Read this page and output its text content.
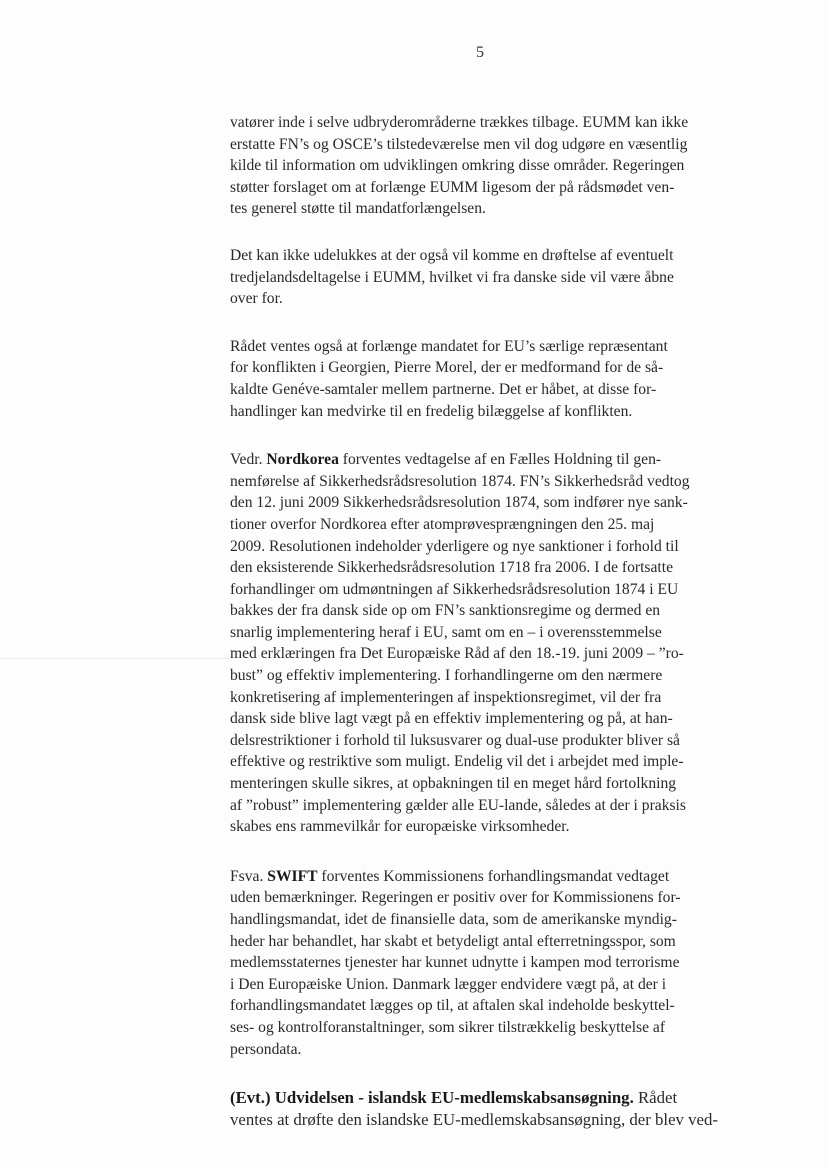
5

vatører inde i selve udbryderområderne trækkes tilbage. EUMM kan ikke
erstatte FN’s og OSCE’s tilstedeværelse men vil dog udgøre en væsentlig
kilde til information om udviklingen omkring disse områder. Regeringen
støtter forslaget om at forlænge EUMM ligesom der på rådsmødet ven-
tes generel støtte til mandatforlængelsen.

Det kan ikke udelukkes at der også vil komme en drøftelse af eventuelt
tredjelandsdeltagelse i EUMM, hvilket vi fra danske side vil være åbne
over for.

Rådet ventes også at forlænge mandatet for EU’s særlige repræsentant
for konflikten i Georgien, Pierre Morel, der er medformand for de så-
kaldte Genéve-samtaler mellem partnerne. Det er håbet, at disse for-
handlinger kan medvirke til en fredelig bilæggelse af konflikten.

Vedr. Nordkorea forventes vedtagelse af en Fælles Holdning til gen-
nemførelse af Sikkerhedsrådsresolution 1874. FN’s Sikkerhedsråd vedtog
den 12. juni 2009 Sikkerhedsrådsresolution 1874, som indfører nye sank-
tioner overfor Nordkorea efter atomprøvesprængningen den 25. maj
2009. Resolutionen indeholder yderligere og nye sanktioner i forhold til
den eksisterende Sikkerhedsrådsresolution 1718 fra 2006. I de fortsatte
forhandlinger om udmøntningen af Sikkerhedsrådsresolution 1874 i EU
bakkes der fra dansk side op om FN’s sanktionsregime og dermed en
snarlig implementering heraf i EU, samt om en – i overensstemmelse
med erklæringen fra Det Europæiske Råd af den 18.-19. juni 2009 – ”ro-
bust” og effektiv implementering. I forhandlingerne om den nærmere
konkretisering af implementeringen af inspektionsregimet, vil der fra
dansk side blive lagt vægt på en effektiv implementering og på, at han-
delsrestriktioner i forhold til luksusvarer og dual-use produkter bliver så
effektive og restriktive som muligt. Endelig vil det i arbejdet med imple-
menteringen skulle sikres, at opbakningen til en meget hård fortolkning
af ”robust” implementering gælder alle EU-lande, således at der i praksis
skabes ens rammevilkår for europæiske virksomheder.

Fsva. SWIFT forventes Kommissionens forhandlingsmandat vedtaget
uden bemærkninger. Regeringen er positiv over for Kommissionens for-
handlingsmandat, idet de finansielle data, som de amerikanske myndig-
heder har behandlet, har skabt et betydeligt antal efterretningsspor, som
medlemsstaternes tjenester har kunnet udnytte i kampen mod terrorisme
i Den Europæiske Union. Danmark lægger endvidere vægt på, at der i
forhandlingsmandatet lægges op til, at aftalen skal indeholde beskyttel-
ses- og kontrolforanstaltninger, som sikrer tilstrækkelig beskyttelse af
persondata.

(Evt.) Udvidelsen - islandsk EU-medlemskabsansøgning. Rådet
ventes at drøfte den islandske EU-medlemskabsansøgning, der blev ved-
